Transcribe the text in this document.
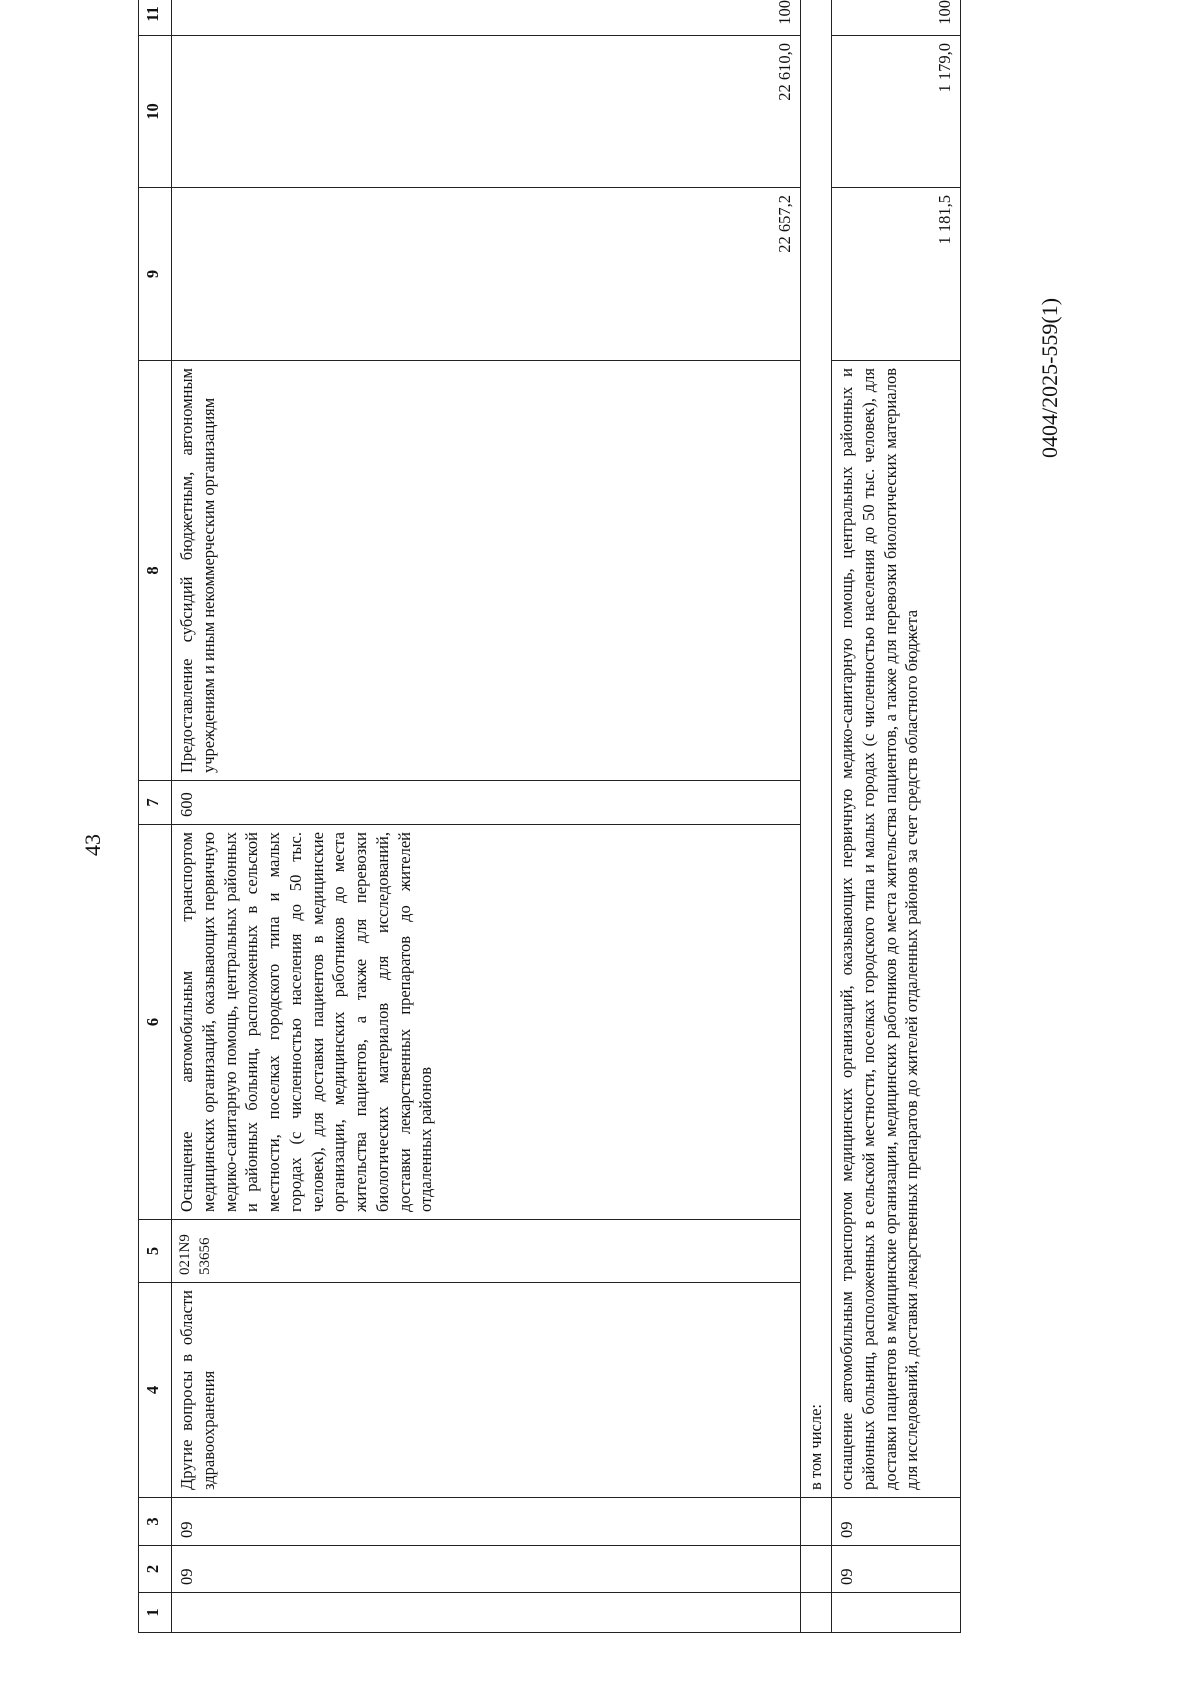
43
0404/2025-559(1)
1	2	3	4	5	6	7	8	9	10	11
	09	09	Другие вопросы в области здравоохранения	021N9 53656	Оснащение автомобильным транспортом медицинских организаций, оказывающих первичную медико-санитарную помощь, центральных районных и районных больниц, расположенных в сельской местности, поселках городского типа и малых городах (с численностью населения до 50 тыс. человек), для доставки пациентов в медицинские организации, медицинских работников до места жительства пациентов, а также для перевозки биологических материалов для исследований, доставки лекарственных препаратов до жителей отдаленных районов	600	Предоставление субсидий бюджетным, автономным учреждениям и иным некоммерческим организациям	22 657,2	22 610,0	100
			в том числе:							
	09	09	оснащение автомобильным транспортом медицинских организаций, оказывающих первичную медико-санитарную помощь, центральных районных и районных больниц, расположенных в сельской местности, поселках городского типа и малых городах (с численностью населения до 50 тыс. человек), для доставки пациентов в медицинские организации, медицинских работников до места жительства пациентов, а также для перевозки биологических материалов для исследований, доставки лекарственных препаратов до жителей отдаленных районов за счет средств областного бюджета					1 181,5	1 179,0	100
